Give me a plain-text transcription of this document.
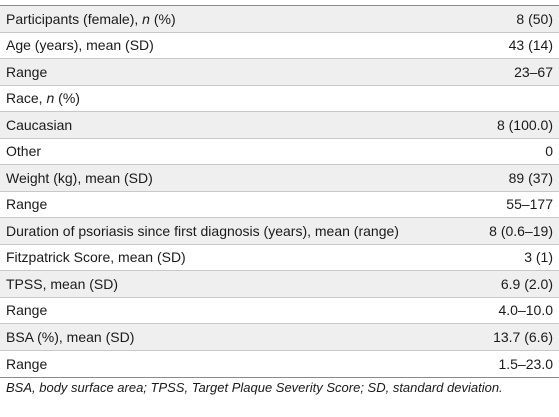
Participants (female), n (%)	8 (50)
Age (years), mean (SD)	43 (14)
Range	23–67
Race, n (%)
Caucasian	8 (100.0)
Other	0
Weight (kg), mean (SD)	89 (37)
Range	55–177
Duration of psoriasis since first diagnosis (years), mean (range)	8 (0.6–19)
Fitzpatrick Score, mean (SD)	3 (1)
TPSS, mean (SD)	6.9 (2.0)
Range	4.0–10.0
BSA (%), mean (SD)	13.7 (6.6)
Range	1.5–23.0
BSA, body surface area; TPSS, Target Plaque Severity Score; SD, standard deviation.
